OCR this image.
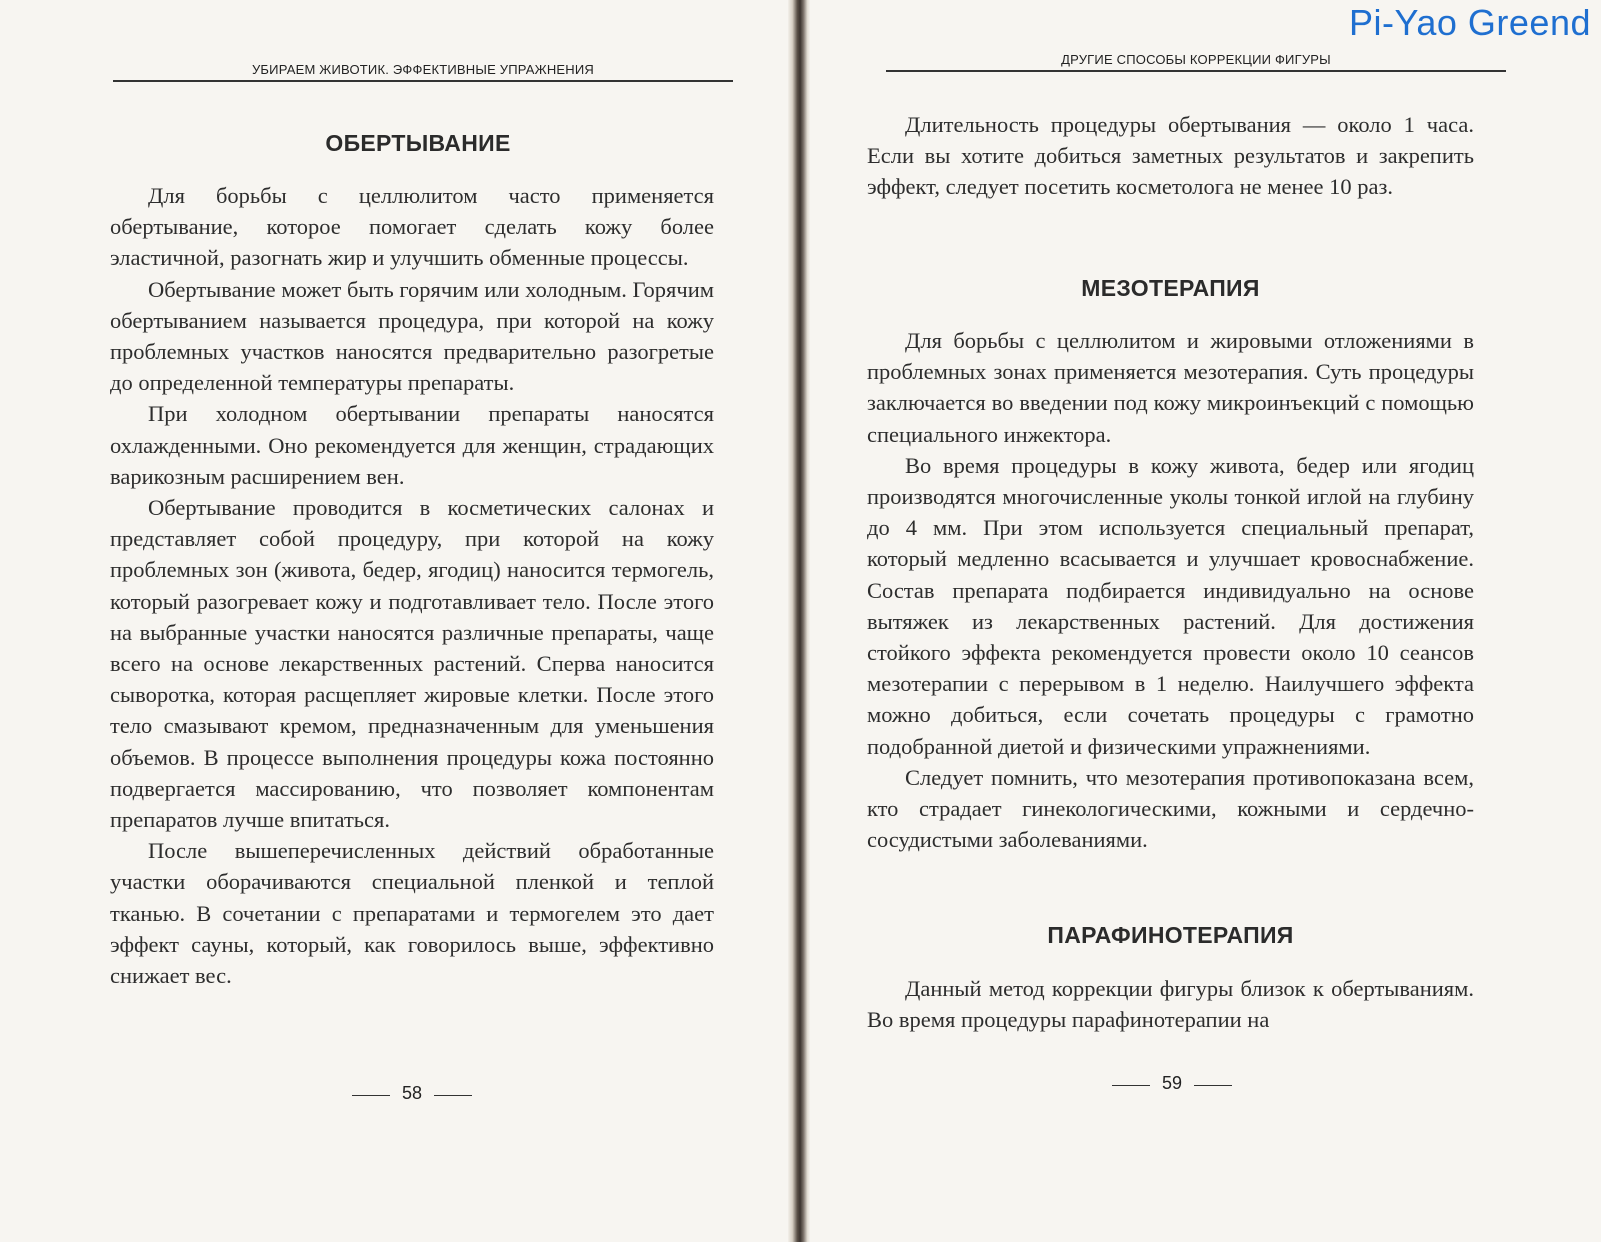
УБИРАЕМ ЖИВОТИК. ЭФФЕКТИВНЫЕ УПРАЖНЕНИЯ
ОБЕРТЫВАНИЕ

Для борьбы с целлюлитом часто применяется обертывание, которое помогает сделать кожу более эластичной, разогнать жир и улучшить обменные процессы.

Обертывание может быть горячим или холодным. Горячим обертыванием называется процедура, при которой на кожу проблемных участков наносятся предварительно разогретые до определенной температуры препараты.

При холодном обертывании препараты наносятся охлажденными. Оно рекомендуется для женщин, страдающих варикозным расширением вен.

Обертывание проводится в косметических салонах и представляет собой процедуру, при которой на кожу проблемных зон (живота, бедер, ягодиц) наносится термогель, который разогревает кожу и подготавливает тело. После этого на выбранные участки наносятся различные препараты, чаще всего на основе лекарственных растений. Сперва наносится сыворотка, которая расщепляет жировые клетки. После этого тело смазывают кремом, предназначенным для уменьшения объемов. В процессе выполнения процедуры кожа постоянно подвергается массированию, что позволяет компонентам препаратов лучше впитаться.

После вышеперечисленных действий обработанные участки оборачиваются специальной пленкой и теплой тканью. В сочетании с препаратами и термогелем это дает эффект сауны, который, как говорилось выше, эффективно снижает вес.

58
ДРУГИЕ СПОСОБЫ КОРРЕКЦИИ ФИГУРЫ

Длительность процедуры обертывания — около 1 часа. Если вы хотите добиться заметных результатов и закрепить эффект, следует посетить косметолога не менее 10 раз.

МЕЗОТЕРАПИЯ

Для борьбы с целлюлитом и жировыми отложениями в проблемных зонах применяется мезотерапия. Суть процедуры заключается во введении под кожу микроинъекций с помощью специального инжектора.

Во время процедуры в кожу живота, бедер или ягодиц производятся многочисленные уколы тонкой иглой на глубину до 4 мм. При этом используется специальный препарат, который медленно всасывается и улучшает кровоснабжение. Состав препарата подбирается индивидуально на основе вытяжек из лекарственных растений. Для достижения стойкого эффекта рекомендуется провести около 10 сеансов мезотерапии с перерывом в 1 неделю. Наилучшего эффекта можно добиться, если сочетать процедуры с грамотно подобранной диетой и физическими упражнениями.

Следует помнить, что мезотерапия противопоказана всем, кто страдает гинекологическими, кожными и сердечно-сосудистыми заболеваниями.

ПАРАФИНОТЕРАПИЯ

Данный метод коррекции фигуры близок к обертываниям. Во время процедуры парафинотерапии на

59
Pi-Yao Greend
